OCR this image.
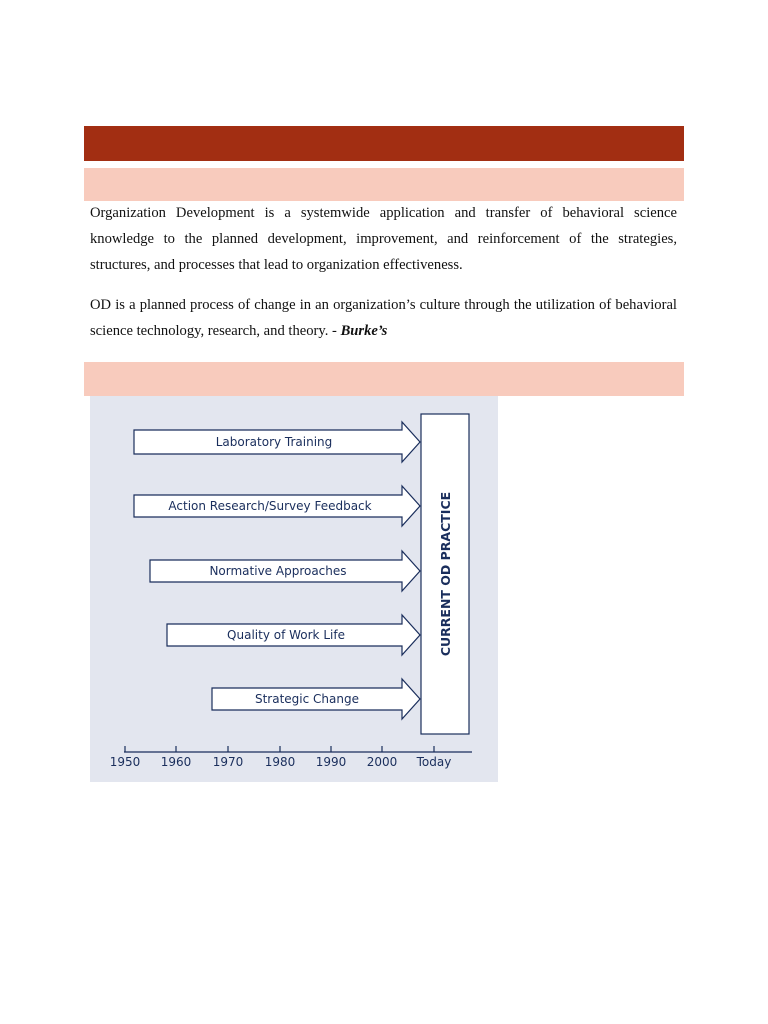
Organization Development is a systemwide application and transfer of behavioral science knowledge to the planned development, improvement, and reinforcement of the strategies, structures, and processes that lead to organization effectiveness.

OD is a planned process of change in an organization’s culture through the utilization of behavioral science technology, research, and theory. - Burke’s

Laboratory Training
Action Research/Survey Feedback
Normative Approaches
Quality of Work Life
Strategic Change
CURRENT OD PRACTICE
1950 1960 1970 1980 1990 2000 Today
